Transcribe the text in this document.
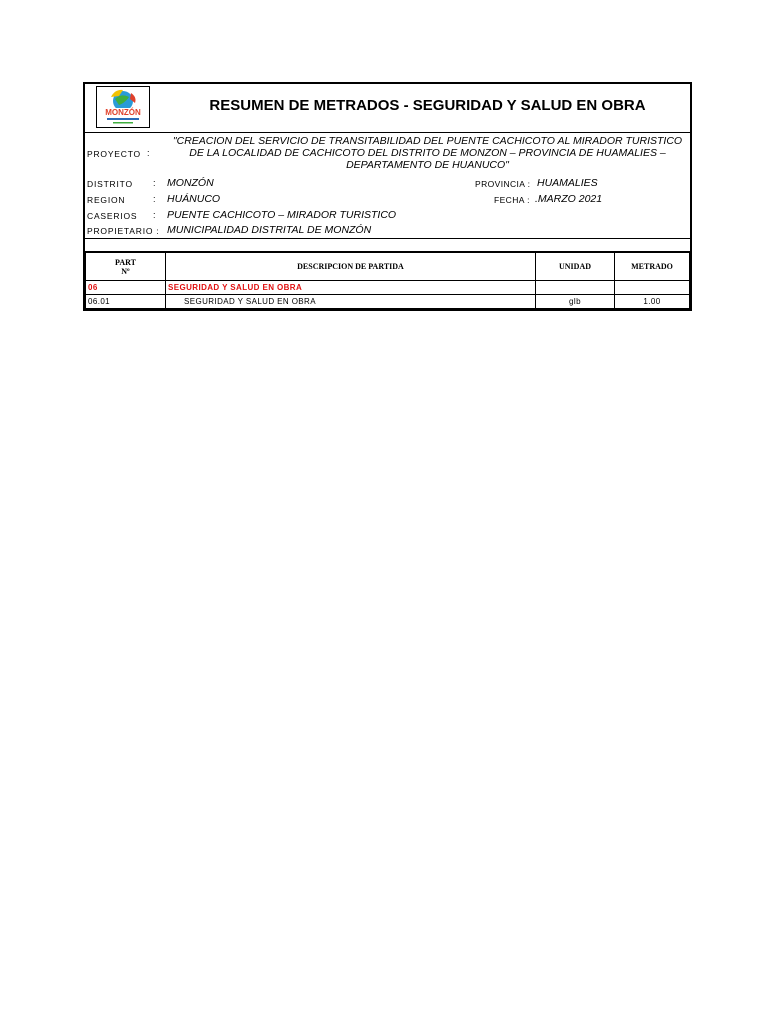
MONZÓN	RESUMEN DE METRADOS - SEGURIDAD Y SALUD EN OBRA
PROYECTO :
"CREACION DEL SERVICIO DE TRANSITABILIDAD DEL PUENTE CACHICOTO AL MIRADOR TURISTICO
DE LA LOCALIDAD DE CACHICOTO DEL DISTRITO DE MONZON – PROVINCIA DE HUAMALIES –
DEPARTAMENTO DE HUANUCO"
DISTRITO : MONZÓN	PROVINCIA : HUAMALIES
REGION	: HUÁNUCO	FECHA : .MARZO 2021
CASERIOS : PUENTE CACHICOTO – MIRADOR TURISTICO
PROPIETARIO : MUNICIPALIDAD DISTRITAL DE MONZÓN
PART
Nº	DESCRIPCION DE PARTIDA	UNIDAD	METRADO
06	SEGURIDAD Y SALUD EN OBRA		
06.01	SEGURIDAD Y SALUD EN OBRA	glb	1.00
